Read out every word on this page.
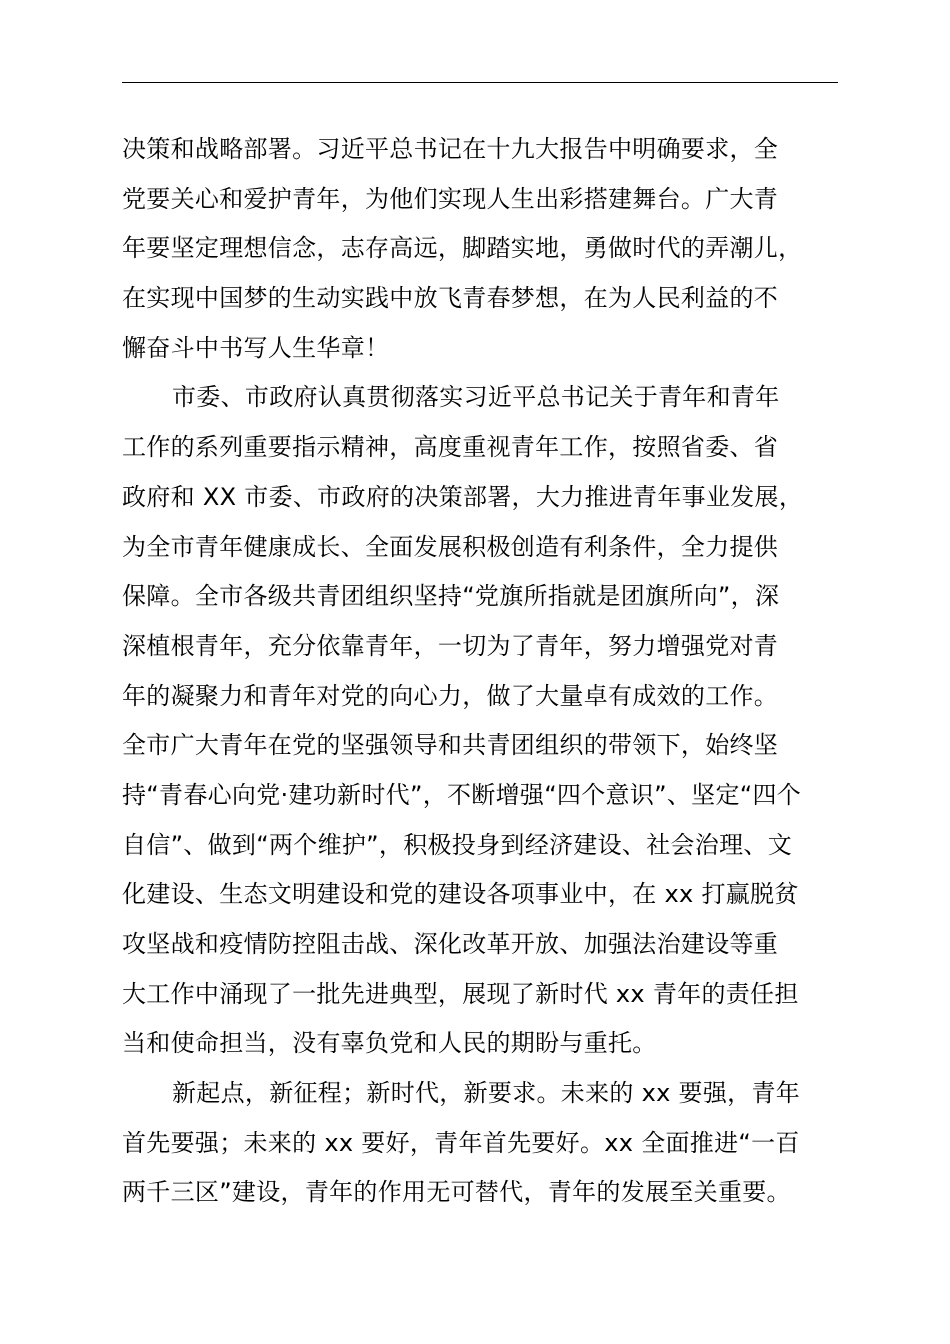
决策和战略部署。习近平总书记在十九大报告中明确要求，全
党要关心和爱护青年，为他们实现人生出彩搭建舞台。广大青
年要坚定理想信念，志存高远，脚踏实地，勇做时代的弄潮儿，
在实现中国梦的生动实践中放飞青春梦想，在为人民利益的不
懈奋斗中书写人生华章！
市委、市政府认真贯彻落实习近平总书记关于青年和青年
工作的系列重要指示精神，高度重视青年工作，按照省委、省
政府和 XX 市委、市政府的决策部署，大力推进青年事业发展，
为全市青年健康成长、全面发展积极创造有利条件，全力提供
保障。全市各级共青团组织坚持“党旗所指就是团旗所向”，深
深植根青年，充分依靠青年，一切为了青年，努力增强党对青
年的凝聚力和青年对党的向心力，做了大量卓有成效的工作。
全市广大青年在党的坚强领导和共青团组织的带领下，始终坚
持“青春心向党·建功新时代”，不断增强“四个意识”、坚定“四个
自信”、做到“两个维护”，积极投身到经济建设、社会治理、文
化建设、生态文明建设和党的建设各项事业中，在 xx 打赢脱贫
攻坚战和疫情防控阻击战、深化改革开放、加强法治建设等重
大工作中涌现了一批先进典型，展现了新时代 xx 青年的责任担
当和使命担当，没有辜负党和人民的期盼与重托。
新起点，新征程；新时代，新要求。未来的 xx 要强，青年
首先要强；未来的 xx 要好，青年首先要好。xx 全面推进“一百
两千三区”建设，青年的作用无可替代，青年的发展至关重要。
